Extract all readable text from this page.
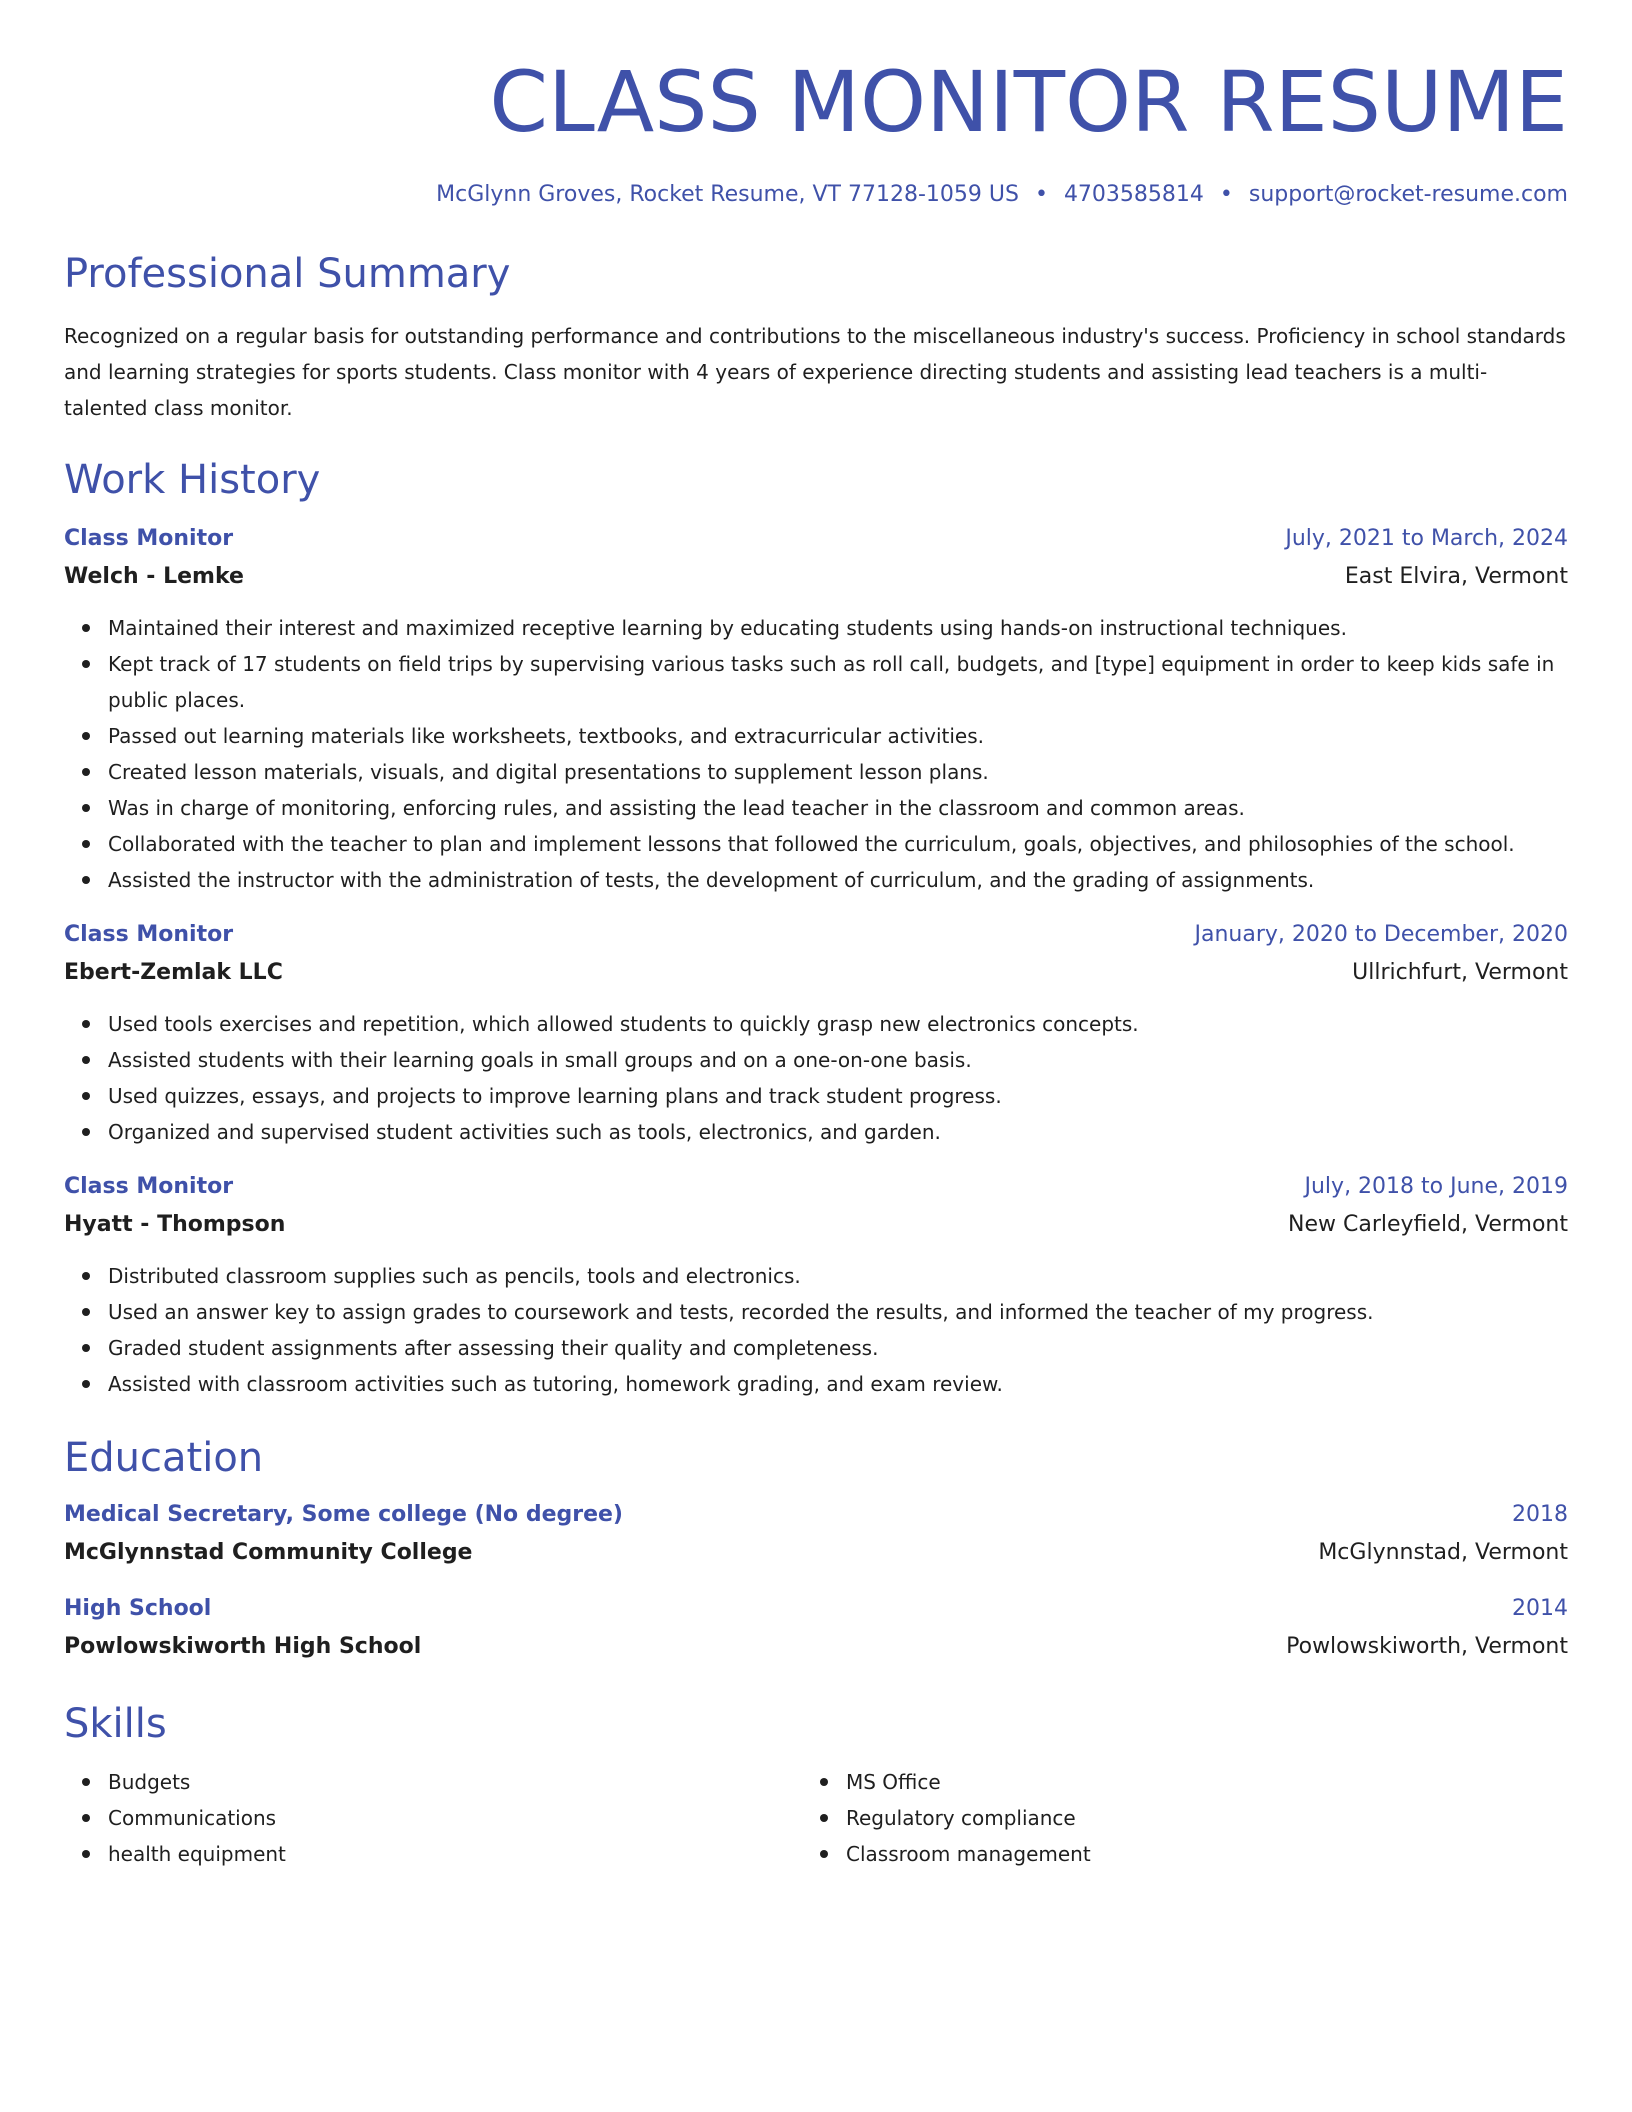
CLASS MONITOR RESUME
McGlynn Groves, Rocket Resume, VT 77128-1059 US • 4703585814 • support@rocket-resume.com
Professional Summary
Recognized on a regular basis for outstanding performance and contributions to the miscellaneous industry's success. Proficiency in school standards and learning strategies for sports students. Class monitor with 4 years of experience directing students and assisting lead teachers is a multi-talented class monitor.
Work History
Class Monitor	July, 2021 to March, 2024
Welch - Lemke	East Elvira, Vermont
Maintained their interest and maximized receptive learning by educating students using hands-on instructional techniques.
Kept track of 17 students on field trips by supervising various tasks such as roll call, budgets, and [type] equipment in order to keep kids safe in public places.
Passed out learning materials like worksheets, textbooks, and extracurricular activities.
Created lesson materials, visuals, and digital presentations to supplement lesson plans.
Was in charge of monitoring, enforcing rules, and assisting the lead teacher in the classroom and common areas.
Collaborated with the teacher to plan and implement lessons that followed the curriculum, goals, objectives, and philosophies of the school.
Assisted the instructor with the administration of tests, the development of curriculum, and the grading of assignments.
Class Monitor	January, 2020 to December, 2020
Ebert-Zemlak LLC	Ullrichfurt, Vermont
Used tools exercises and repetition, which allowed students to quickly grasp new electronics concepts.
Assisted students with their learning goals in small groups and on a one-on-one basis.
Used quizzes, essays, and projects to improve learning plans and track student progress.
Organized and supervised student activities such as tools, electronics, and garden.
Class Monitor	July, 2018 to June, 2019
Hyatt - Thompson	New Carleyfield, Vermont
Distributed classroom supplies such as pencils, tools and electronics.
Used an answer key to assign grades to coursework and tests, recorded the results, and informed the teacher of my progress.
Graded student assignments after assessing their quality and completeness.
Assisted with classroom activities such as tutoring, homework grading, and exam review.
Education
Medical Secretary, Some college (No degree)	2018
McGlynnstad Community College	McGlynnstad, Vermont
High School	2014
Powlowskiworth High School	Powlowskiworth, Vermont
Skills
Budgets
Communications
health equipment
MS Office
Regulatory compliance
Classroom management
